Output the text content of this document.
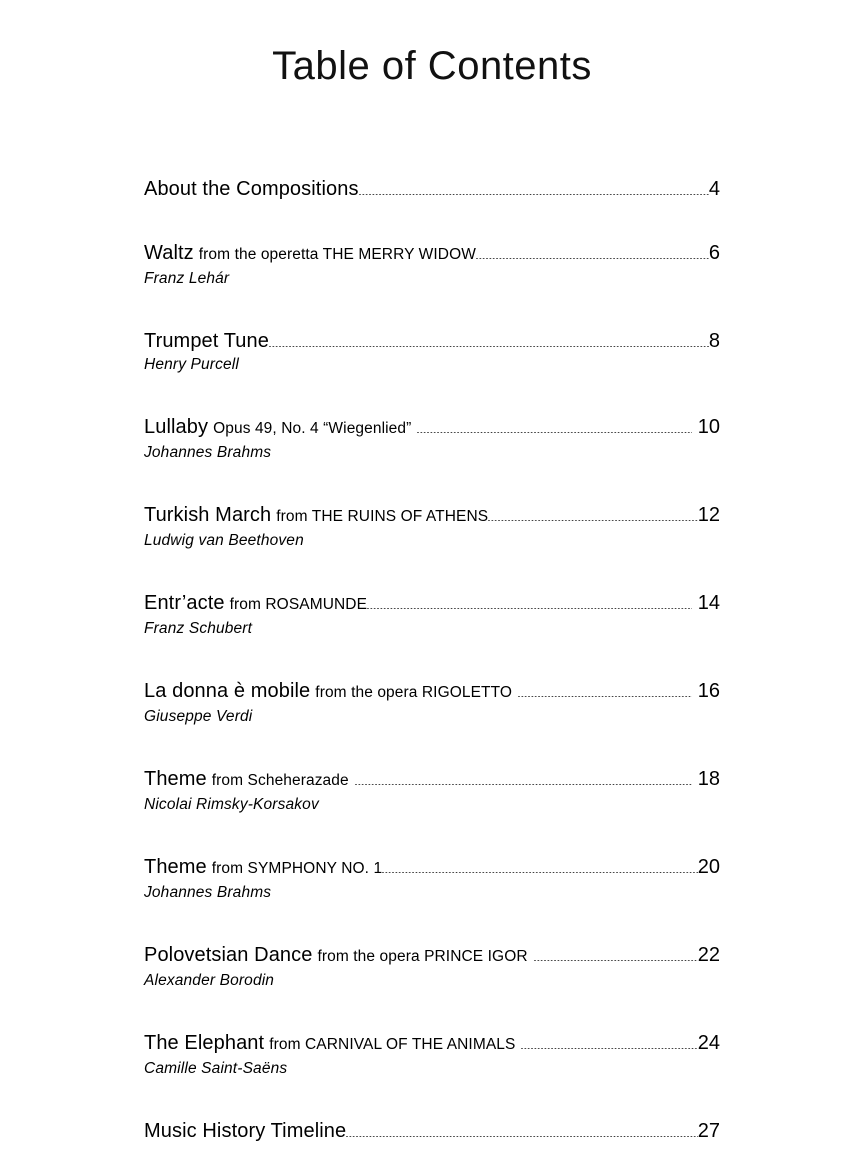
Table of Contents
About the Compositions	4
Waltz from the operetta THE MERRY WIDOW	6
Franz Lehár
Trumpet Tune	8
Henry Purcell
Lullaby Opus 49, No. 4 “Wiegenlied”	10
Johannes Brahms
Turkish March from THE RUINS OF ATHENS	12
Ludwig van Beethoven
Entr’acte from ROSAMUNDE	14
Franz Schubert
La donna è mobile from the opera RIGOLETTO	16
Giuseppe Verdi
Theme from Scheherazade	18
Nicolai Rimsky-Korsakov
Theme from SYMPHONY NO. 1	20
Johannes Brahms
Polovetsian Dance from the opera PRINCE IGOR	22
Alexander Borodin
The Elephant from CARNIVAL OF THE ANIMALS	24
Camille Saint-Saëns
Music History Timeline	27
